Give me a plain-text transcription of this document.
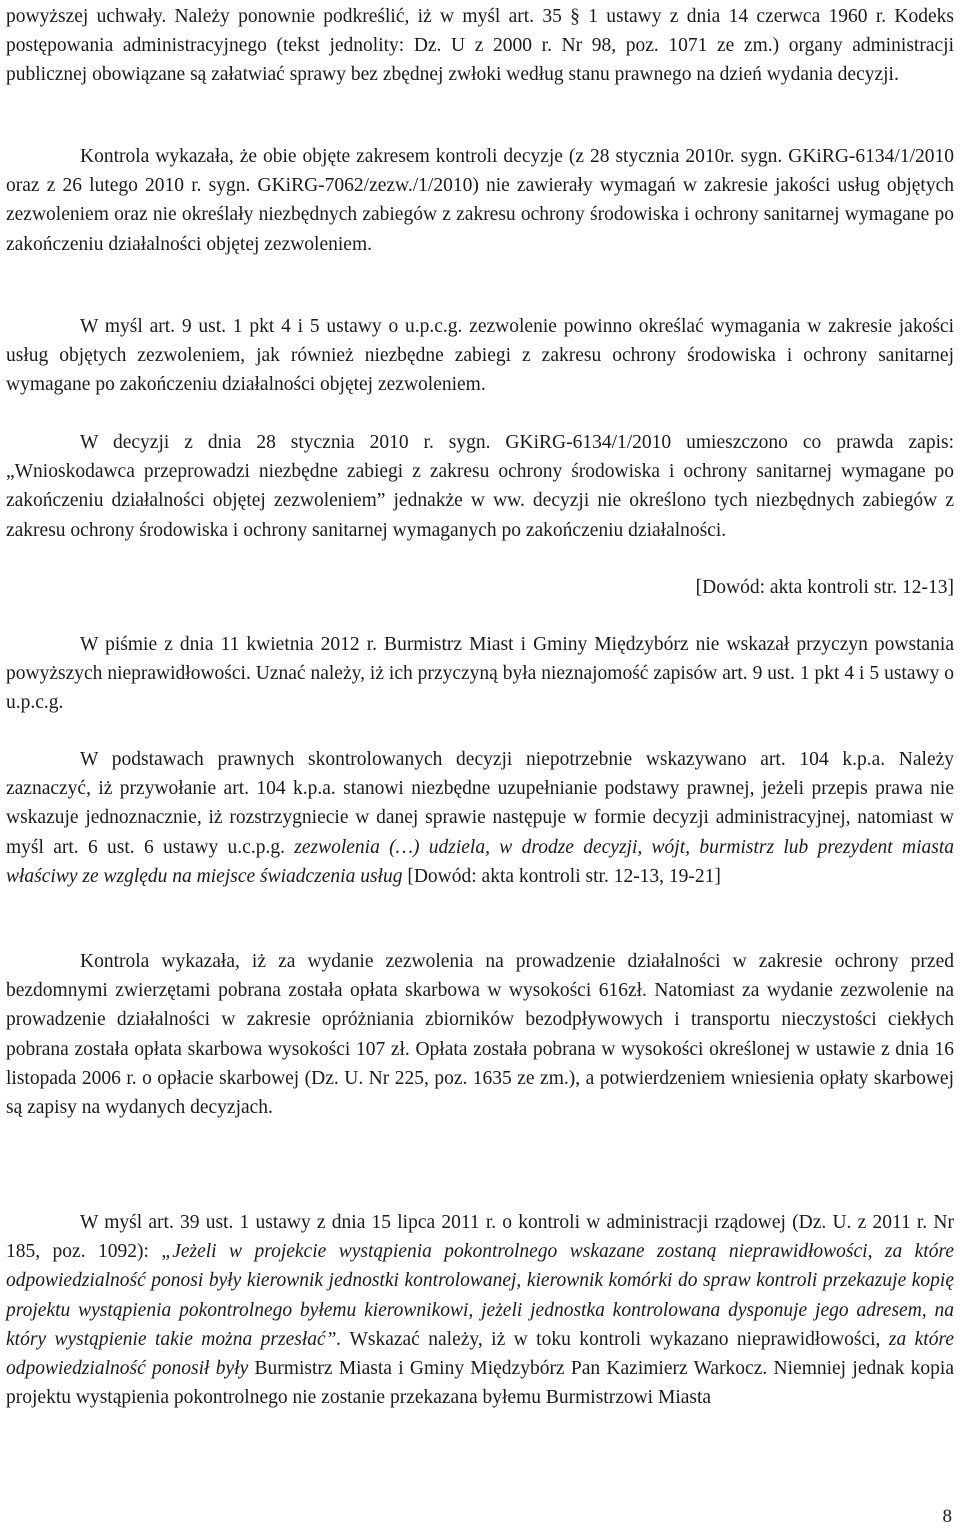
powyższej uchwały. Należy ponownie podkreślić, iż w myśl art. 35 § 1 ustawy z dnia 14 czerwca 1960 r. Kodeks postępowania administracyjnego (tekst jednolity: Dz. U z 2000 r. Nr 98, poz. 1071 ze zm.) organy administracji publicznej obowiązane są załatwiać sprawy bez zbędnej zwłoki według stanu prawnego na dzień wydania decyzji.

Kontrola wykazała, że obie objęte zakresem kontroli decyzje (z 28 stycznia 2010r. sygn. GKiRG-6134/1/2010 oraz z 26 lutego 2010 r. sygn. GKiRG-7062/zezw./1/2010) nie zawierały wymagań w zakresie jakości usług objętych zezwoleniem oraz nie określały niezbędnych zabiegów z zakresu ochrony środowiska i ochrony sanitarnej wymagane po zakończeniu działalności objętej zezwoleniem.

W myśl art. 9 ust. 1 pkt 4 i 5 ustawy o u.p.c.g. zezwolenie powinno określać wymagania w zakresie jakości usług objętych zezwoleniem, jak również niezbędne zabiegi z zakresu ochrony środowiska i ochrony sanitarnej wymagane po zakończeniu działalności objętej zezwoleniem.

W decyzji z dnia 28 stycznia 2010 r. sygn. GKiRG-6134/1/2010 umieszczono co prawda zapis: „Wnioskodawca przeprowadzi niezbędne zabiegi z zakresu ochrony środowiska i ochrony sanitarnej wymagane po zakończeniu działalności objętej zezwoleniem” jednakże w ww. decyzji nie określono tych niezbędnych zabiegów z zakresu ochrony środowiska i ochrony sanitarnej wymaganych po zakończeniu działalności.

[Dowód: akta kontroli str. 12-13]

W piśmie z dnia 11 kwietnia 2012 r. Burmistrz Miast i Gminy Międzybórz nie wskazał przyczyn powstania powyższych nieprawidłowości. Uznać należy, iż ich przyczyną była nieznajomość zapisów art. 9 ust. 1 pkt 4 i 5 ustawy o u.p.c.g.

W podstawach prawnych skontrolowanych decyzji niepotrzebnie wskazywano art. 104 k.p.a. Należy zaznaczyć, iż przywołanie art. 104 k.p.a. stanowi niezbędne uzupełnianie podstawy prawnej, jeżeli przepis prawa nie wskazuje jednoznacznie, iż rozstrzygniecie w danej sprawie następuje w formie decyzji administracyjnej, natomiast w myśl art. 6 ust. 6 ustawy u.c.p.g. zezwolenia (…) udziela, w drodze decyzji, wójt, burmistrz lub prezydent miasta właściwy ze względu na miejsce świadczenia usług [Dowód: akta kontroli str. 12-13, 19-21]

Kontrola wykazała, iż za wydanie zezwolenia na prowadzenie działalności w zakresie ochrony przed bezdomnymi zwierzętami pobrana została opłata skarbowa w wysokości 616zł. Natomiast za wydanie zezwolenie na prowadzenie działalności w zakresie opróżniania zbiorników bezodpływowych i transportu nieczystości ciekłych pobrana została opłata skarbowa wysokości 107 zł. Opłata została pobrana w wysokości określonej w ustawie z dnia 16 listopada 2006 r. o opłacie skarbowej (Dz. U. Nr 225, poz. 1635 ze zm.), a potwierdzeniem wniesienia opłaty skarbowej są zapisy na wydanych decyzjach.

W myśl art. 39 ust. 1 ustawy z dnia 15 lipca 2011 r. o kontroli w administracji rządowej (Dz. U. z 2011 r. Nr 185, poz. 1092): „Jeżeli w projekcie wystąpienia pokontrolnego wskazane zostaną nieprawidłowości, za które odpowiedzialność ponosi były kierownik jednostki kontrolowanej, kierownik komórki do spraw kontroli przekazuje kopię projektu wystąpienia pokontrolnego byłemu kierownikowi, jeżeli jednostka kontrolowana dysponuje jego adresem, na który wystąpienie takie można przesłać”. Wskazać należy, iż w toku kontroli wykazano nieprawidłowości, za które odpowiedzialność ponosił były Burmistrz Miasta i Gminy Międzybórz Pan Kazimierz Warkocz. Niemniej jednak kopia projektu wystąpienia pokontrolnego nie zostanie przekazana byłemu Burmistrzowi Miasta

8
